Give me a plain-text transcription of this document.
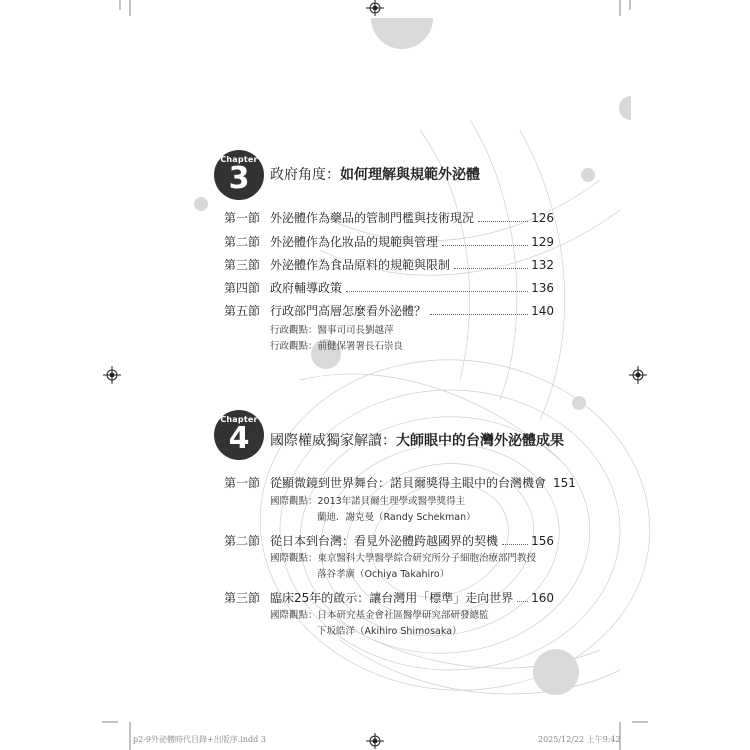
Chapter
3	政府角度：如何理解與規範外泌體
第一節 外泌體作為藥品的管制門檻與技術現況	126
第二節 外泌體作為化妝品的規範與管理	129
第三節 外泌體作為食品原料的規範與限制	132
第四節 政府輔導政策	136
第五節 行政部門高層怎麼看外泌體？	140
行政觀點：醫事司司長劉越萍
行政觀點：前健保署署長石崇良
Chapter
4	國際權威獨家解讀：大師眼中的台灣外泌體成果
第一節 從顯微鏡到世界舞台：諾貝爾獎得主眼中的台灣機會 151
國際觀點：2013年諾貝爾生理學或醫學獎得主
蘭迪．謝克曼（Randy Schekman）
第二節 從日本到台灣：看見外泌體跨越國界的契機	156
國際觀點：東京醫科大學醫學綜合研究所分子細胞治療部門教授
落谷孝廣（Ochiya Takahiro）
第三節 臨床25年的啟示：讓台灣用「標準」走向世界 160
國際觀點：日本研究基金會社區醫學研究部研發總監
下坂皓洋（Akihiro Shimosaka）
p2-9外泌體時代目錄+出版序.indd 3	2025/12/22 上午9:42
